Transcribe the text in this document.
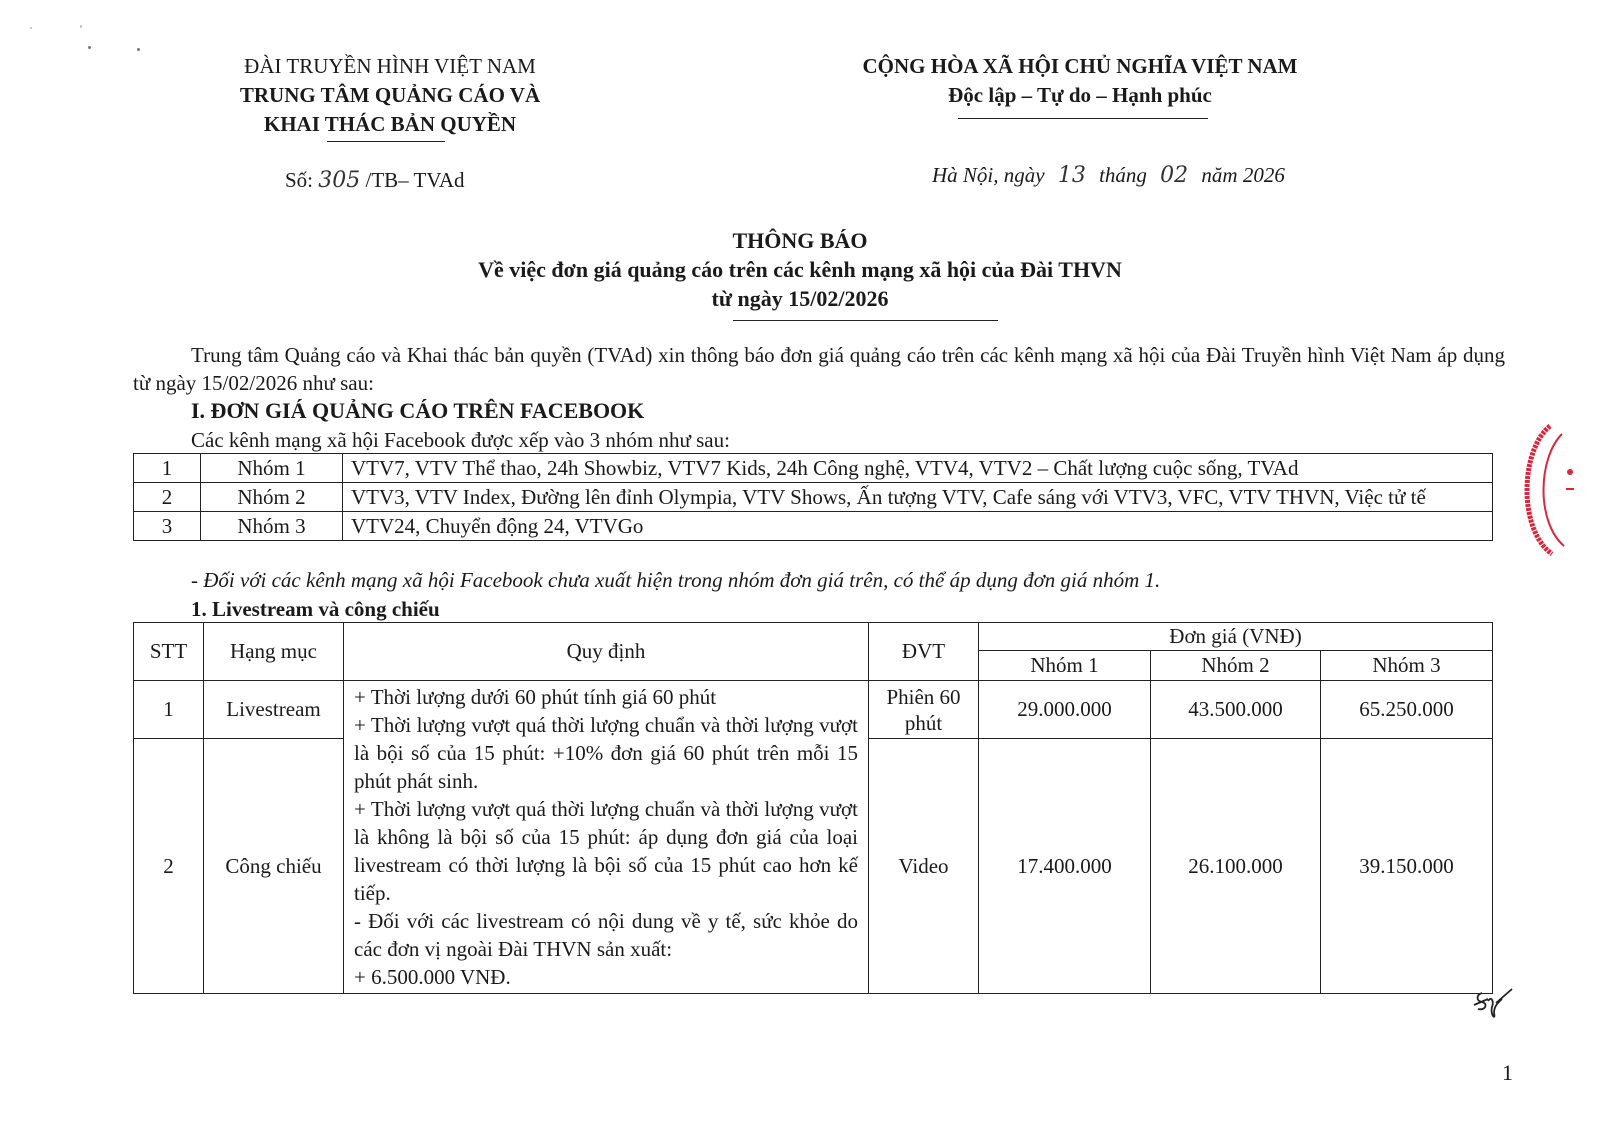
ĐÀI TRUYỀN HÌNH VIỆT NAM
TRUNG TÂM QUẢNG CÁO VÀ
KHAI THÁC BẢN QUYỀN
Số: 305 /TB– TVAd
CỘNG HÒA XÃ HỘI CHỦ NGHĨA VIỆT NAM
Độc lập – Tự do – Hạnh phúc
Hà Nội, ngày 13 tháng 02 năm 2026
THÔNG BÁO
Về việc đơn giá quảng cáo trên các kênh mạng xã hội của Đài THVN
từ ngày 15/02/2026
Trung tâm Quảng cáo và Khai thác bản quyền (TVAd) xin thông báo đơn giá quảng cáo trên các kênh mạng xã hội của Đài Truyền hình Việt Nam áp dụng từ ngày 15/02/2026 như sau:
I. ĐƠN GIÁ QUẢNG CÁO TRÊN FACEBOOK
Các kênh mạng xã hội Facebook được xếp vào 3 nhóm như sau:
1	Nhóm 1	VTV7, VTV Thể thao, 24h Showbiz, VTV7 Kids, 24h Công nghệ, VTV4, VTV2 – Chất lượng cuộc sống, TVAd
2	Nhóm 2	VTV3, VTV Index, Đường lên đỉnh Olympia, VTV Shows, Ấn tượng VTV, Cafe sáng với VTV3, VFC, VTV THVN, Việc tử tế
3	Nhóm 3	VTV24, Chuyển động 24, VTVGo
- Đối với các kênh mạng xã hội Facebook chưa xuất hiện trong nhóm đơn giá trên, có thể áp dụng đơn giá nhóm 1.
1. Livestream và công chiếu
STT	Hạng mục	Quy định	ĐVT	Đơn giá (VNĐ)		
				Nhóm 1	Nhóm 2	Nhóm 3
1	Livestream	+ Thời lượng dưới 60 phút tính giá 60 phút
+ Thời lượng vượt quá thời lượng chuẩn và thời lượng vượt là bội số của 15 phút: +10% đơn giá 60 phút trên mỗi 15 phút phát sinh.
+ Thời lượng vượt quá thời lượng chuẩn và thời lượng vượt là không là bội số của 15 phút: áp dụng đơn giá của loại livestream có thời lượng là bội số của 15 phút cao hơn kế tiếp.
- Đối với các livestream có nội dung về y tế, sức khỏe do các đơn vị ngoài Đài THVN sản xuất:
+ 6.500.000 VNĐ.	Phiên 60 phút	29.000.000	43.500.000	65.250.000
2	Công chiếu		Video	17.400.000	26.100.000	39.150.000
1
